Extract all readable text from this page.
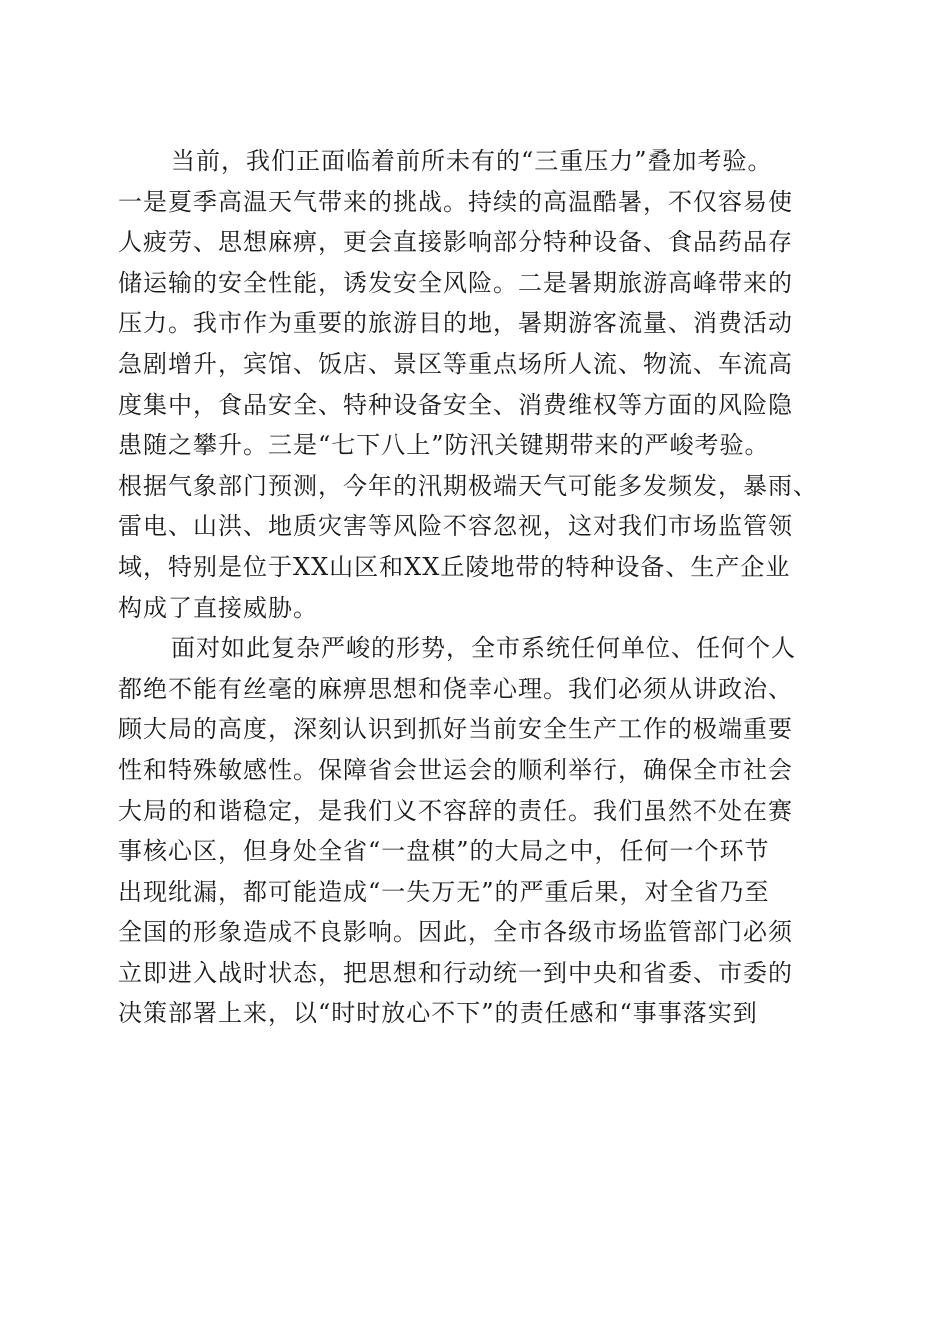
当前，我们正面临着前所未有的“三重压力”叠加考验。
一是夏季高温天气带来的挑战。持续的高温酷暑，不仅容易使
人疲劳、思想麻痹，更会直接影响部分特种设备、食品药品存
储运输的安全性能，诱发安全风险。二是暑期旅游高峰带来的
压力。我市作为重要的旅游目的地，暑期游客流量、消费活动
急剧增升，宾馆、饭店、景区等重点场所人流、物流、车流高
度集中，食品安全、特种设备安全、消费维权等方面的风险隐
患随之攀升。三是“七下八上”防汛关键期带来的严峻考验。
根据气象部门预测，今年的汛期极端天气可能多发频发，暴雨、
雷电、山洪、地质灾害等风险不容忽视，这对我们市场监管领
域，特别是位于XX山区和XX丘陵地带的特种设备、生产企业
构成了直接威胁。
面对如此复杂严峻的形势，全市系统任何单位、任何个人
都绝不能有丝毫的麻痹思想和侥幸心理。我们必须从讲政治、
顾大局的高度，深刻认识到抓好当前安全生产工作的极端重要
性和特殊敏感性。保障省会世运会的顺利举行，确保全市社会
大局的和谐稳定，是我们义不容辞的责任。我们虽然不处在赛
事核心区，但身处全省“一盘棋”的大局之中，任何一个环节
出现纰漏，都可能造成“一失万无”的严重后果，对全省乃至
全国的形象造成不良影响。因此，全市各级市场监管部门必须
立即进入战时状态，把思想和行动统一到中央和省委、市委的
决策部署上来，以“时时放心不下”的责任感和“事事落实到
